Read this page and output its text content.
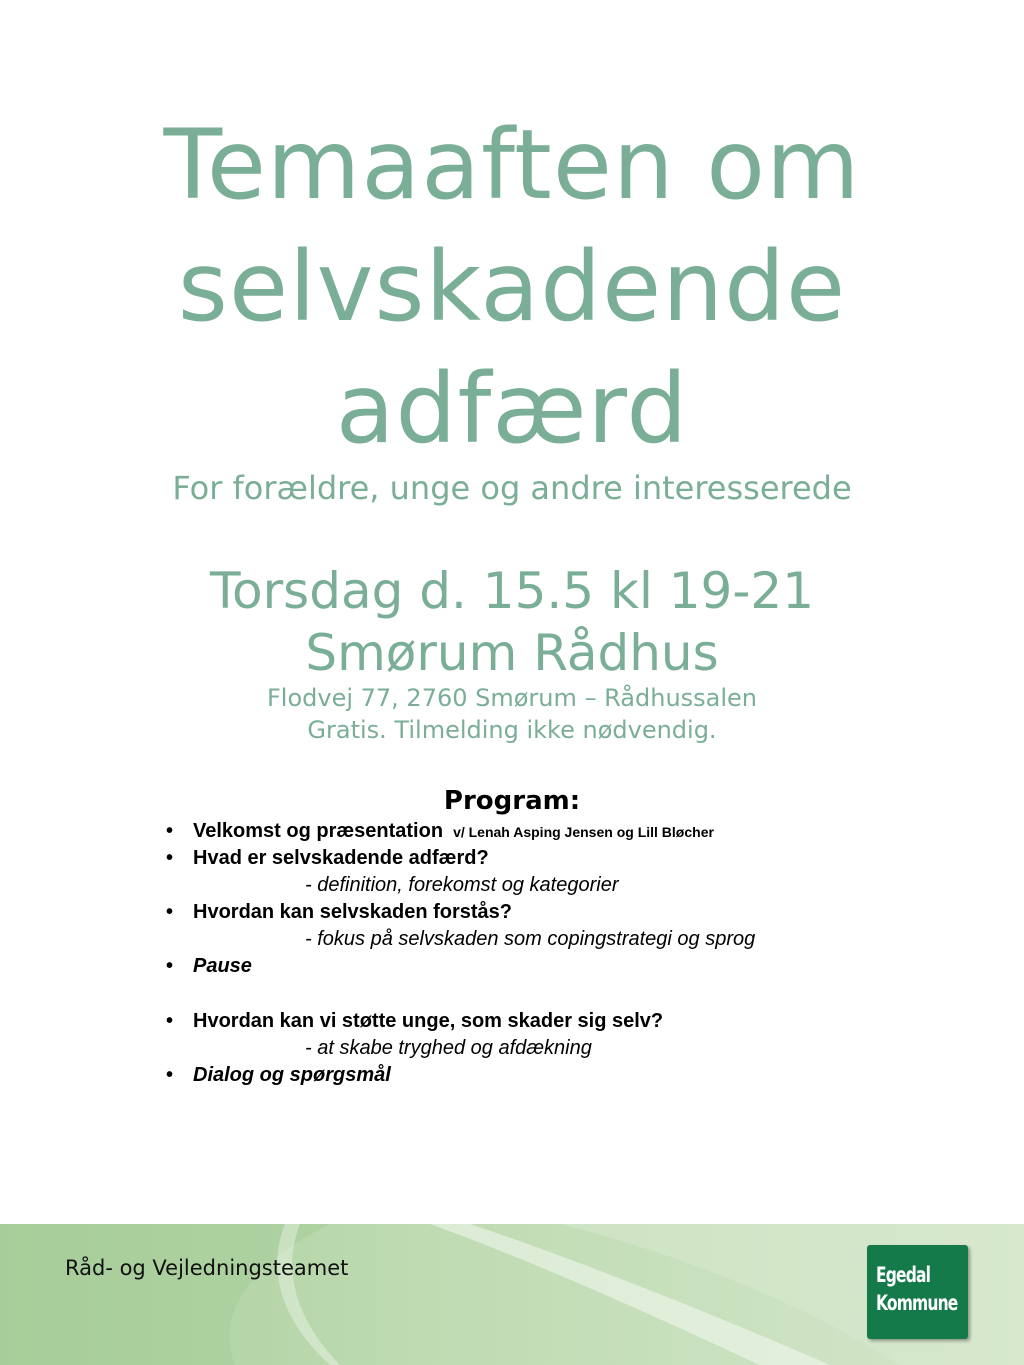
Temaaften om
selvskadende
adfærd
For forældre, unge og andre interesserede
Torsdag d. 15.5 kl 19-21
Smørum Rådhus
Flodvej 77, 2760 Smørum – Rådhussalen
Gratis. Tilmelding ikke nødvendig.
Program:
• Velkomst og præsentation v/ Lenah Asping Jensen og Lill Bløcher
• Hvad er selvskadende adfærd?
- definition, forekomst og kategorier
• Hvordan kan selvskaden forstås?
- fokus på selvskaden som copingstrategi og sprog
• Pause
• Hvordan kan vi støtte unge, som skader sig selv?
- at skabe tryghed og afdækning
• Dialog og spørgsmål
Råd- og Vejledningsteamet	Egedal
Kommune
